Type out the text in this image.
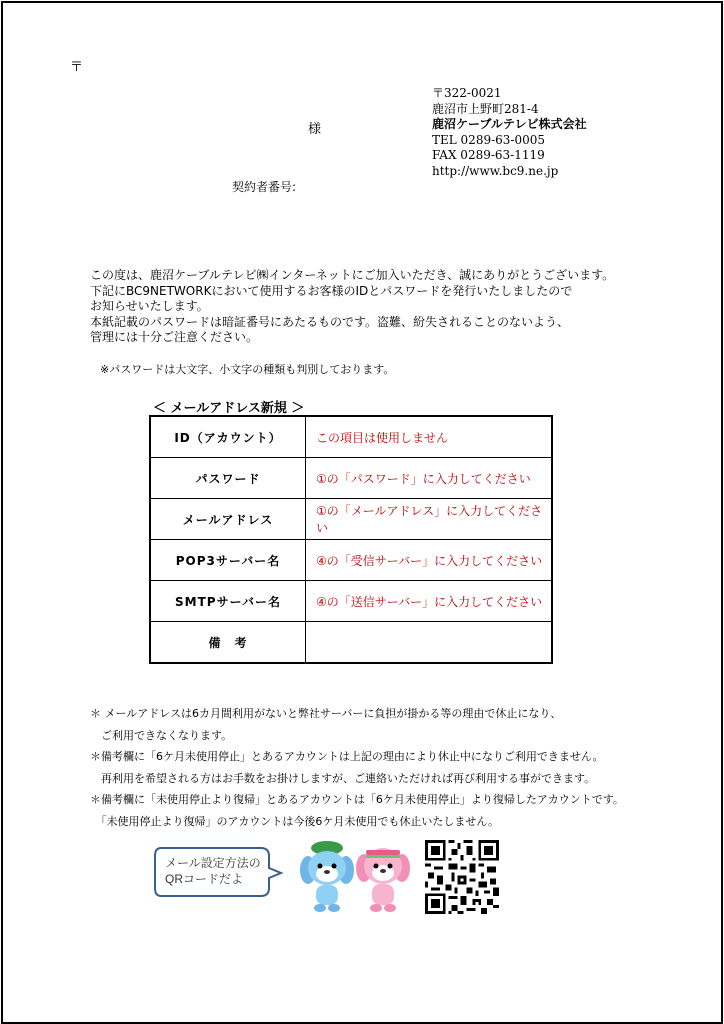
〒
〒322-0021
鹿沼市上野町281-4
鹿沼ケーブルテレビ株式会社
TEL 0289-63-0005
FAX 0289-63-1119
http://www.bc9.ne.jp
様
契約者番号:
この度は、鹿沼ケーブルテレビ㈱インターネットにご加入いただき、誠にありがとうございます。
下記にBC9NETWORKにおいて使用するお客様のIDとパスワードを発行いたしましたので
お知らせいたします。
本紙記載のパスワードは暗証番号にあたるものです。盗難、紛失されることのないよう、
管理には十分ご注意ください。
※パスワードは大文字、小文字の種類も判別しております。
＜ メールアドレス新規 ＞
ID（アカウント）	この項目は使用しません
パスワード	①の「パスワード」に入力してください
メールアドレス	①の「メールアドレス」に入力してください
POP3サーバー名	④の「受信サーバー」に入力してください
SMTPサーバー名	④の「送信サーバー」に入力してください
備　考	
＊ メールアドレスは6カ月間利用がないと弊社サーバーに負担が掛かる等の理由で休止になり、
　ご利用できなくなります。
＊備考欄に「6ケ月未使用停止」とあるアカウントは上記の理由により休止中になりご利用できません。
　再利用を希望される方はお手数をお掛けしますが、ご連絡いただければ再び利用する事ができます。
＊備考欄に「未使用停止より復帰」とあるアカウントは「6ケ月未使用停止」より復帰したアカウントです。
　「未使用停止より復帰」のアカウントは今後6ケ月未使用でも休止いたしません。
メール設定方法の
QRコードだよ
